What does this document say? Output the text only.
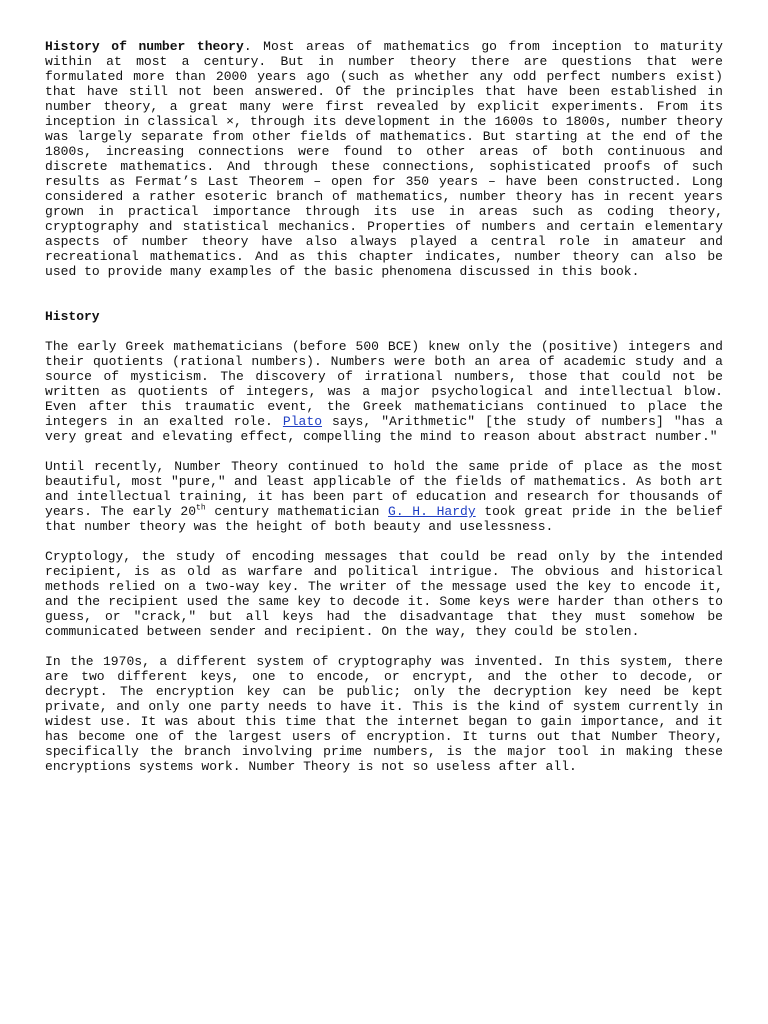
History of number theory. Most areas of mathematics go from inception to maturity within at most a century. But in number theory there are questions that were formulated more than 2000 years ago (such as whether any odd perfect numbers exist) that have still not been answered. Of the principles that have been established in number theory, a great many were first revealed by explicit experiments. From its inception in classical ×, through its development in the 1600s to 1800s, number theory was largely separate from other fields of mathematics. But starting at the end of the 1800s, increasing connections were found to other areas of both continuous and discrete mathematics. And through these connections, sophisticated proofs of such results as Fermat’s Last Theorem – open for 350 years – have been constructed. Long considered a rather esoteric branch of mathematics, number theory has in recent years grown in practical importance through its use in areas such as coding theory, cryptography and statistical mechanics. Properties of numbers and certain elementary aspects of number theory have also always played a central role in amateur and recreational mathematics. And as this chapter indicates, number theory can also be used to provide many examples of the basic phenomena discussed in this book.

History

The early Greek mathematicians (before 500 BCE) knew only the (positive) integers and their quotients (rational numbers). Numbers were both an area of academic study and a source of mysticism. The discovery of irrational numbers, those that could not be written as quotients of integers, was a major psychological and intellectual blow. Even after this traumatic event, the Greek mathematicians continued to place the integers in an exalted role. Plato says, "Arithmetic" [the study of numbers] "has a very great and elevating effect, compelling the mind to reason about abstract number."

Until recently, Number Theory continued to hold the same pride of place as the most beautiful, most "pure," and least applicable of the fields of mathematics. As both art and intellectual training, it has been part of education and research for thousands of years. The early 20th century mathematician G. H. Hardy took great pride in the belief that number theory was the height of both beauty and uselessness.

Cryptology, the study of encoding messages that could be read only by the intended recipient, is as old as warfare and political intrigue. The obvious and historical methods relied on a two-way key. The writer of the message used the key to encode it, and the recipient used the same key to decode it. Some keys were harder than others to guess, or "crack," but all keys had the disadvantage that they must somehow be communicated between sender and recipient. On the way, they could be stolen.

In the 1970s, a different system of cryptography was invented. In this system, there are two different keys, one to encode, or encrypt, and the other to decode, or decrypt. The encryption key can be public; only the decryption key need be kept private, and only one party needs to have it. This is the kind of system currently in widest use. It was about this time that the internet began to gain importance, and it has become one of the largest users of encryption. It turns out that Number Theory, specifically the branch involving prime numbers, is the major tool in making these encryptions systems work. Number Theory is not so useless after all.
